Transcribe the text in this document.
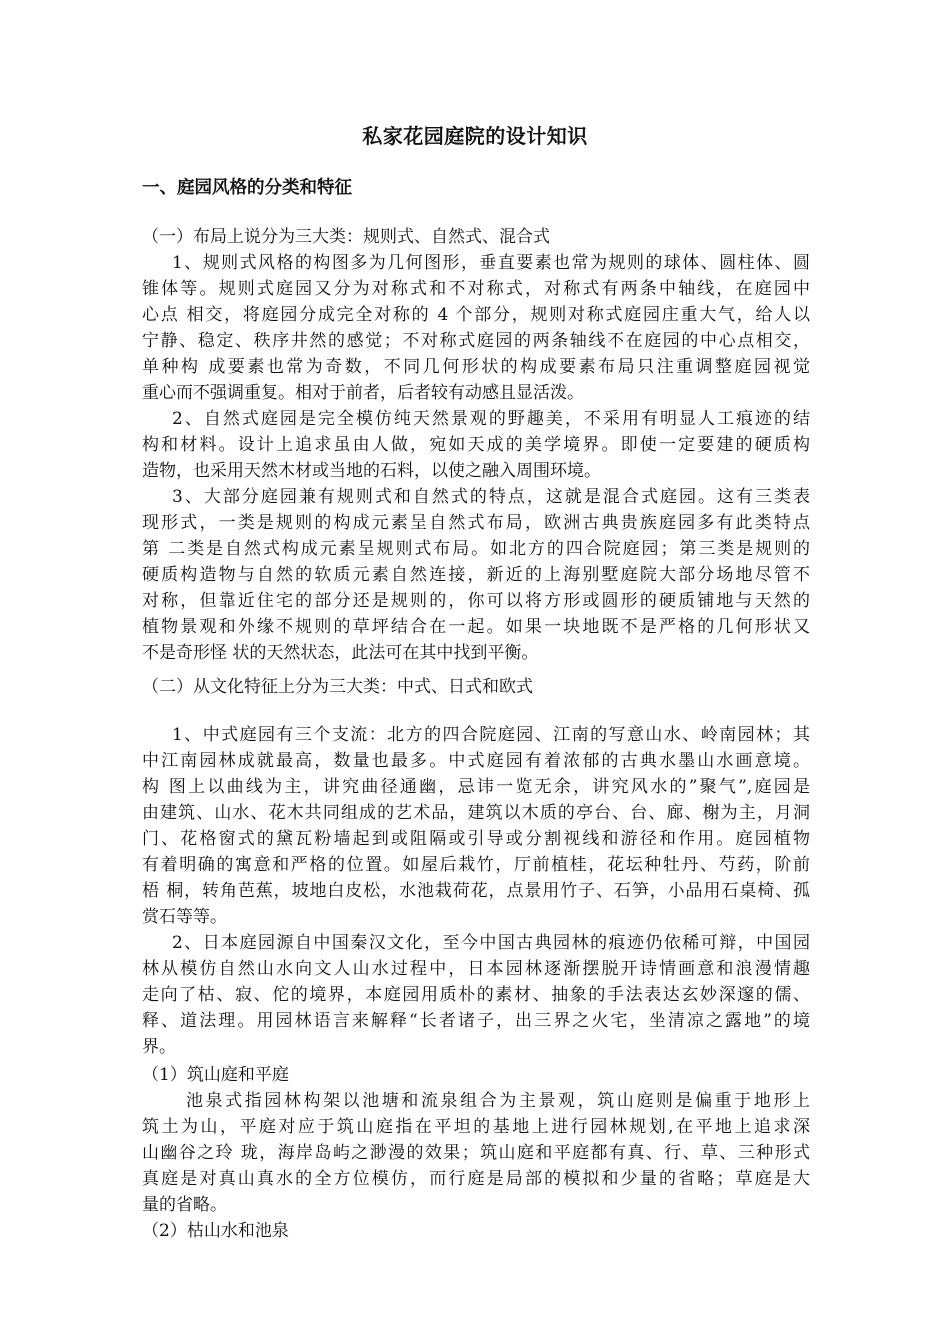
私家花园庭院的设计知识
一、庭园风格的分类和特征
（一）布局上说分为三大类：规则式、自然式、混合式
1、规则式风格的构图多为几何图形，垂直要素也常为规则的球体、圆柱体、圆
锥体等。规则式庭园又分为对称式和不对称式，对称式有两条中轴线，在庭园中
心点 相交，将庭园分成完全对称的 4 个部分，规则对称式庭园庄重大气，给人以
宁静、稳定、秩序井然的感觉；不对称式庭园的两条轴线不在庭园的中心点相交，
单种构 成要素也常为奇数，不同几何形状的构成要素布局只注重调整庭园视觉
重心而不强调重复。相对于前者，后者较有动感且显活泼。
2、自然式庭园是完全模仿纯天然景观的野趣美，不采用有明显人工痕迹的结
构和材料。设计上追求虽由人做，宛如天成的美学境界。即使一定要建的硬质构
造物，也采用天然木材或当地的石料，以使之融入周围环境。
3、大部分庭园兼有规则式和自然式的特点，这就是混合式庭园。这有三类表
现形式，一类是规则的构成元素呈自然式布局，欧洲古典贵族庭园多有此类特点
第 二类是自然式构成元素呈规则式布局。如北方的四合院庭园；第三类是规则的
硬质构造物与自然的软质元素自然连接，新近的上海别墅庭院大部分场地尽管不
对称，但靠近住宅的部分还是规则的，你可以将方形或圆形的硬质铺地与天然的
植物景观和外缘不规则的草坪结合在一起。如果一块地既不是严格的几何形状又
不是奇形怪 状的天然状态，此法可在其中找到平衡。
（二）从文化特征上分为三大类：中式、日式和欧式
1、中式庭园有三个支流：北方的四合院庭园、江南的写意山水、岭南园林；其
中江南园林成就最高，数量也最多。中式庭园有着浓郁的古典水墨山水画意境。
构 图上以曲线为主，讲究曲径通幽，忌讳一览无余，讲究风水的”聚气”,庭园是
由建筑、山水、花木共同组成的艺术品，建筑以木质的亭台、台、廊、榭为主，月洞
门、花格窗式的黛瓦粉墙起到或阻隔或引导或分割视线和游径和作用。庭园植物
有着明确的寓意和严格的位置。如屋后栽竹，厅前植桂，花坛种牡丹、芍药，阶前
梧 桐，转角芭蕉，坡地白皮松，水池栽荷花，点景用竹子、石笋，小品用石桌椅、孤
赏石等等。
2、日本庭园源自中国秦汉文化，至今中国古典园林的痕迹仍依稀可辩，中国园
林从模仿自然山水向文人山水过程中，日本园林逐渐摆脱开诗情画意和浪漫情趣
走向了枯、寂、佗的境界，本庭园用质朴的素材、抽象的手法表达玄妙深邃的儒、
释、道法理。用园林语言来解释“长者诸子，出三界之火宅，坐清凉之露地”的境
界。
（1）筑山庭和平庭
池泉式指园林构架以池塘和流泉组合为主景观，筑山庭则是偏重于地形上
筑土为山，平庭对应于筑山庭指在平坦的基地上进行园林规划,在平地上追求深
山幽谷之玲 珑，海岸岛屿之渺漫的效果；筑山庭和平庭都有真、行、草、三种形式
真庭是对真山真水的全方位模仿，而行庭是局部的模拟和少量的省略；草庭是大
量的省略。
（2）枯山水和池泉
